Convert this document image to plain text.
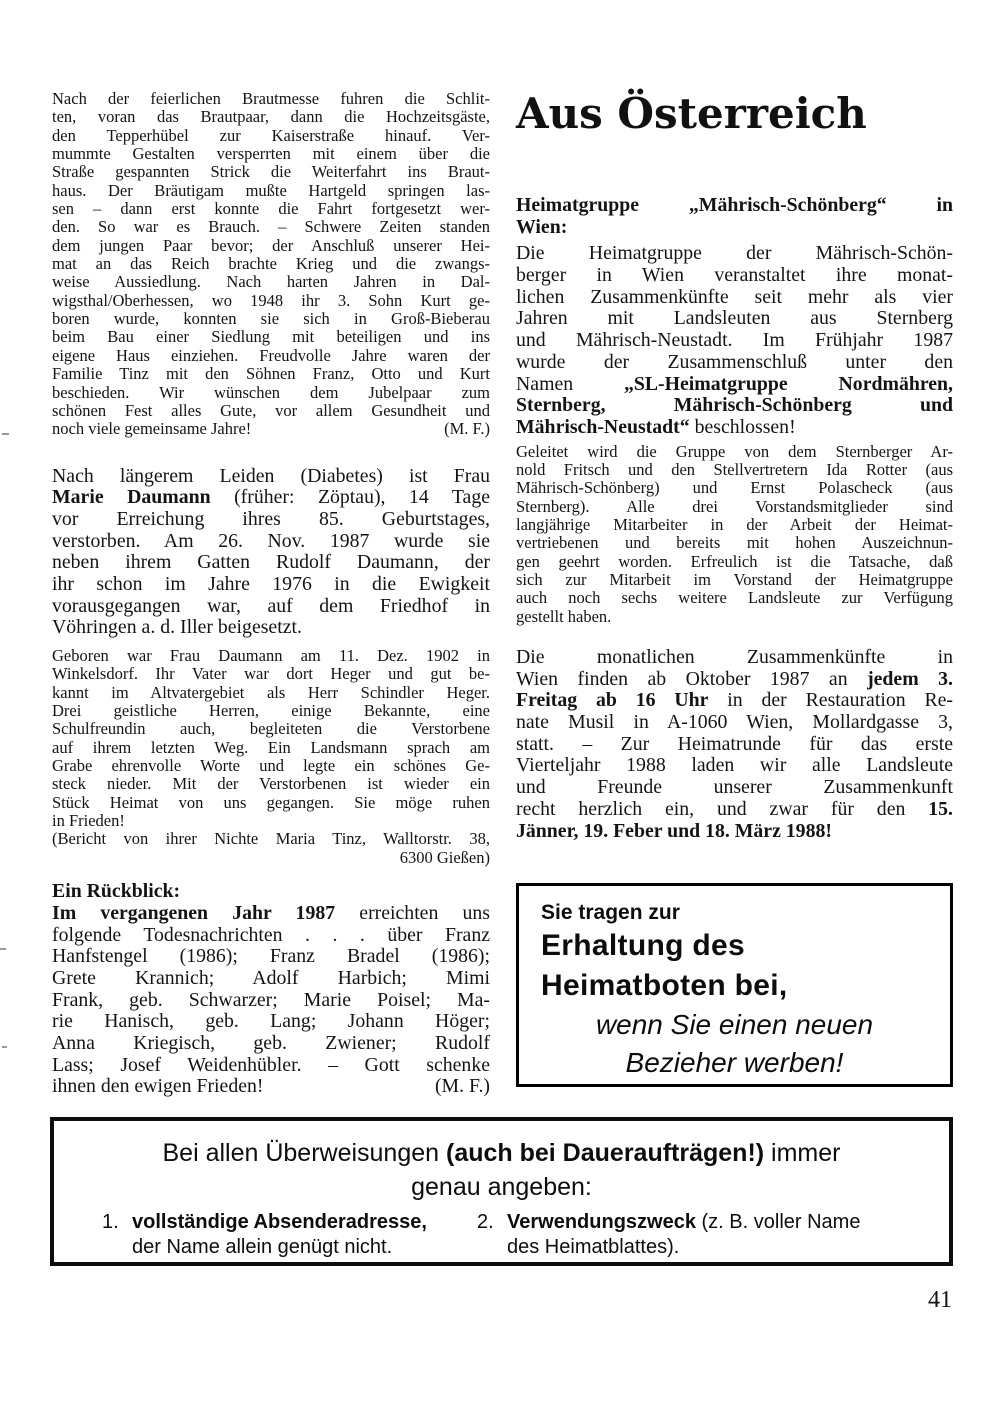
Nach der feierlichen Brautmesse fuhren die Schlit-
ten, voran das Brautpaar, dann die Hochzeitsgäste,
den Tepperhübel zur Kaiserstraße hinauf. Ver-
mummte Gestalten versperrten mit einem über die
Straße gespannten Strick die Weiterfahrt ins Braut-
haus. Der Bräutigam mußte Hartgeld springen las-
sen – dann erst konnte die Fahrt fortgesetzt wer-
den. So war es Brauch. – Schwere Zeiten standen
dem jungen Paar bevor; der Anschluß unserer Hei-
mat an das Reich brachte Krieg und die zwangs-
weise Aussiedlung. Nach harten Jahren in Dal-
wigsthal/Oberhessen, wo 1948 ihr 3. Sohn Kurt ge-
boren wurde, konnten sie sich in Groß-Bieberau
beim Bau einer Siedlung mit beteiligen und ins
eigene Haus einziehen. Freudvolle Jahre waren der
Familie Tinz mit den Söhnen Franz, Otto und Kurt
beschieden. Wir wünschen dem Jubelpaar zum
schönen Fest alles Gute, vor allem Gesundheit und
noch viele gemeinsame Jahre!	(M. F.)
Nach längerem Leiden (Diabetes) ist Frau
Marie Daumann (früher: Zöptau), 14 Tage
vor Erreichung ihres 85. Geburtstages,
verstorben. Am 26. Nov. 1987 wurde sie
neben ihrem Gatten Rudolf Daumann, der
ihr schon im Jahre 1976 in die Ewigkeit
vorausgegangen war, auf dem Friedhof in
Vöhringen a. d. Iller beigesetzt.
Geboren war Frau Daumann am 11. Dez. 1902 in
Winkelsdorf. Ihr Vater war dort Heger und gut be-
kannt im Altvatergebiet als Herr Schindler Heger.
Drei geistliche Herren, einige Bekannte, eine
Schulfreundin auch, begleiteten die Verstorbene
auf ihrem letzten Weg. Ein Landsmann sprach am
Grabe ehrenvolle Worte und legte ein schönes Ge-
steck nieder. Mit der Verstorbenen ist wieder ein
Stück Heimat von uns gegangen. Sie möge ruhen
in Frieden!
(Bericht von ihrer Nichte Maria Tinz, Walltorstr. 38,
6300 Gießen)
Ein Rückblick:
Im vergangenen Jahr 1987 erreichten uns
folgende Todesnachrichten . . . über Franz
Hanfstengel (1986); Franz Bradel (1986);
Grete Krannich; Adolf Harbich; Mimi
Frank, geb. Schwarzer; Marie Poisel; Ma-
rie Hanisch, geb. Lang; Johann Höger;
Anna Kriegisch, geb. Zwiener; Rudolf
Lass; Josef Weidenhübler. – Gott schenke
ihnen den ewigen Frieden!	(M. F.)
Aus Österreich
Heimatgruppe „Mährisch-Schönberg“ in
Wien:
Die Heimatgruppe der Mährisch-Schön-
berger in Wien veranstaltet ihre monat-
lichen Zusammenkünfte seit mehr als vier
Jahren mit Landsleuten aus Sternberg
und Mährisch-Neustadt. Im Frühjahr 1987
wurde der Zusammenschluß unter den
Namen „SL-Heimatgruppe Nordmähren,
Sternberg, Mährisch-Schönberg und
Mährisch-Neustadt“ beschlossen!
Geleitet wird die Gruppe von dem Sternberger Ar-
nold Fritsch und den Stellvertretern Ida Rotter (aus
Mährisch-Schönberg) und Ernst Polascheck (aus
Sternberg). Alle drei Vorstandsmitglieder sind
langjährige Mitarbeiter in der Arbeit der Heimat-
vertriebenen und bereits mit hohen Auszeichnun-
gen geehrt worden. Erfreulich ist die Tatsache, daß
sich zur Mitarbeit im Vorstand der Heimatgruppe
auch noch sechs weitere Landsleute zur Verfügung
gestellt haben.
Die monatlichen Zusammenkünfte in
Wien finden ab Oktober 1987 an jedem 3.
Freitag ab 16 Uhr in der Restauration Re-
nate Musil in A-1060 Wien, Mollardgasse 3,
statt. – Zur Heimatrunde für das erste
Vierteljahr 1988 laden wir alle Landsleute
und Freunde unserer Zusammenkunft
recht herzlich ein, und zwar für den 15.
Jänner, 19. Feber und 18. März 1988!
Sie tragen zur
Erhaltung des
Heimatboten bei,
wenn Sie einen neuen
Bezieher werben!
Bei allen Überweisungen (auch bei Daueraufträgen!) immer
genau angeben:
1. vollständige Absenderadresse,
der Name allein genügt nicht.
2. Verwendungszweck (z. B. voller Name
des Heimatblattes).
41
